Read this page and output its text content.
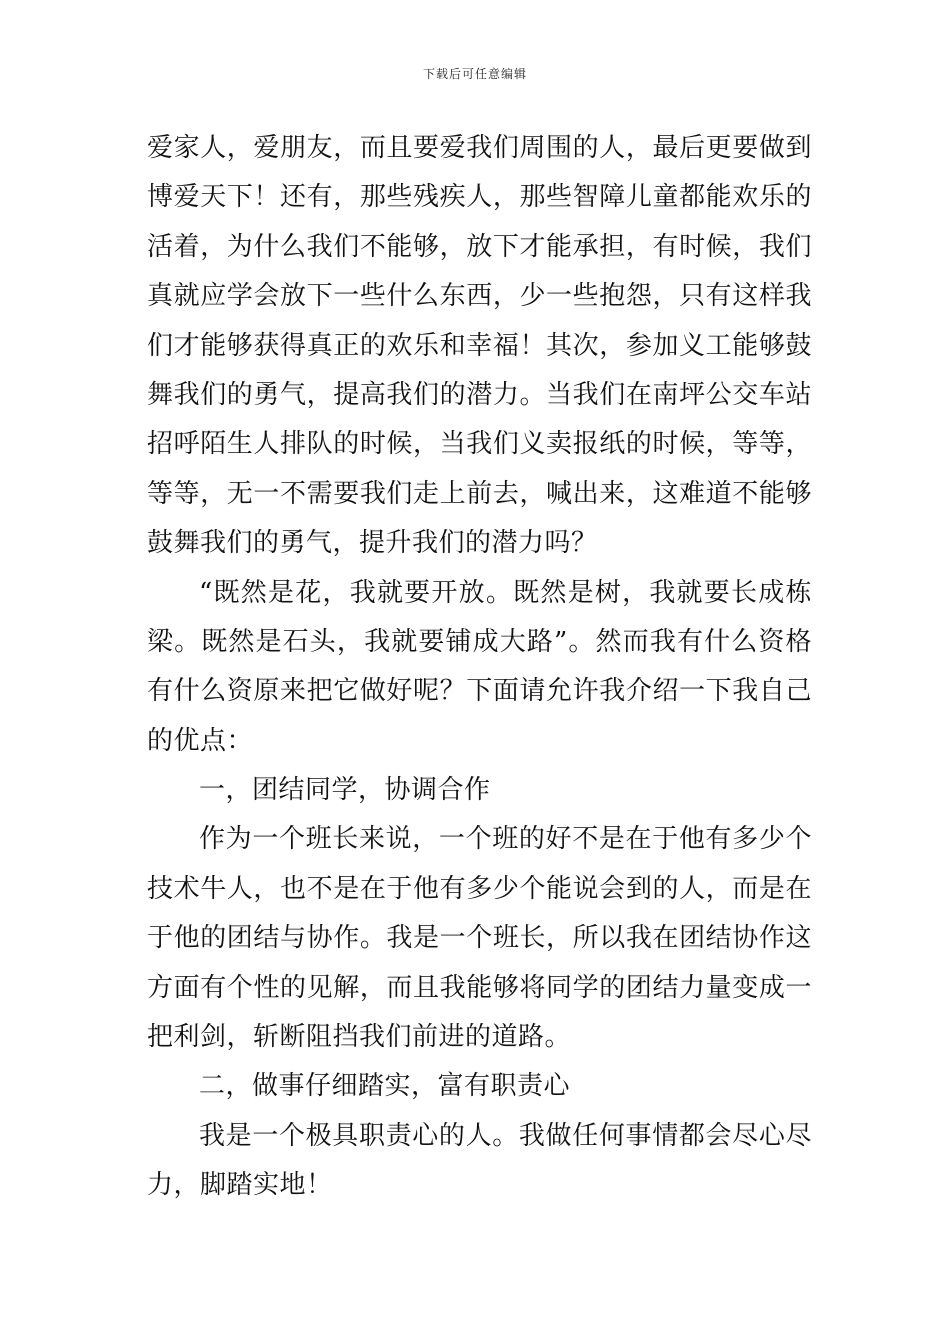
下载后可任意编辑
爱家人，爱朋友，而且要爱我们周围的人，最后更要做到
博爱天下！还有，那些残疾人，那些智障儿童都能欢乐的
活着，为什么我们不能够，放下才能承担，有时候，我们
真就应学会放下一些什么东西，少一些抱怨，只有这样我
们才能够获得真正的欢乐和幸福！其次，参加义工能够鼓
舞我们的勇气，提高我们的潜力。当我们在南坪公交车站
招呼陌生人排队的时候，当我们义卖报纸的时候，等等，
等等，无一不需要我们走上前去，喊出来，这难道不能够
鼓舞我们的勇气，提升我们的潜力吗？
“既然是花，我就要开放。既然是树，我就要长成栋
梁。既然是石头，我就要铺成大路”。然而我有什么资格
有什么资原来把它做好呢？下面请允许我介绍一下我自己
的优点：
一，团结同学，协调合作
作为一个班长来说，一个班的好不是在于他有多少个
技术牛人，也不是在于他有多少个能说会到的人，而是在
于他的团结与协作。我是一个班长，所以我在团结协作这
方面有个性的见解，而且我能够将同学的团结力量变成一
把利剑，斩断阻挡我们前进的道路。
二，做事仔细踏实，富有职责心
我是一个极具职责心的人。我做任何事情都会尽心尽
力，脚踏实地！
